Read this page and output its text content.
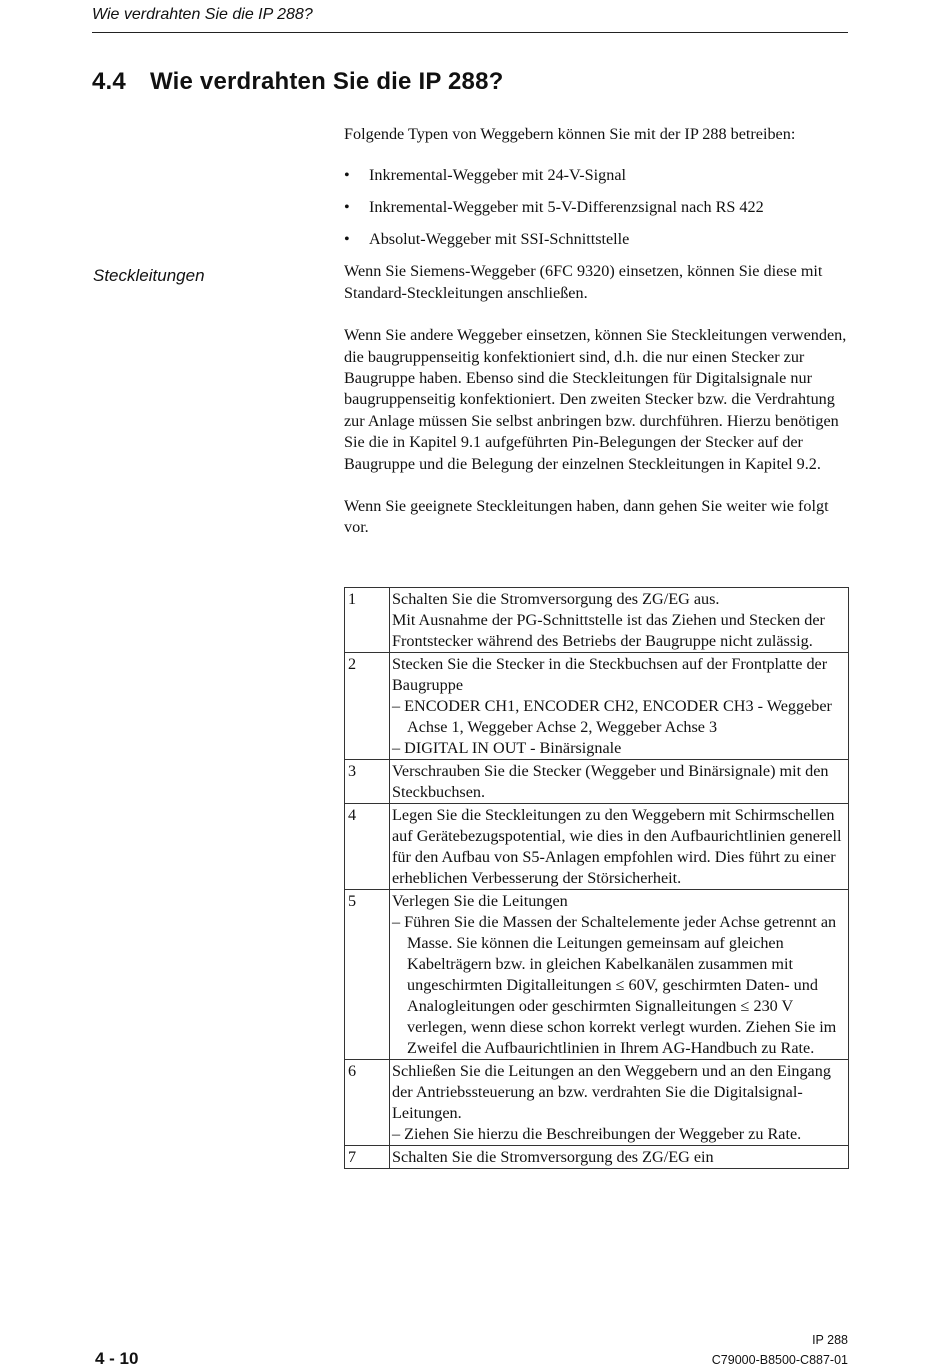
Wie verdrahten Sie die IP 288?
4.4 Wie verdrahten Sie die IP 288?
Steckleitungen

Folgende Typen von Weggebern können Sie mit der IP 288 betreiben:

• Inkremental-Weggeber mit 24-V-Signal
• Inkremental-Weggeber mit 5-V-Differenzsignal nach RS 422
• Absolut-Weggeber mit SSI-Schnittstelle

Wenn Sie Siemens-Weggeber (6FC 9320) einsetzen, können Sie diese mit Standard-Steckleitungen anschließen.

Wenn Sie andere Weggeber einsetzen, können Sie Steckleitungen verwenden, die baugruppenseitig konfektioniert sind, d.h. die nur einen Stecker zur Baugruppe haben. Ebenso sind die Steckleitungen für Digitalsignale nur baugruppenseitig konfektioniert. Den zweiten Stecker bzw. die Verdrahtung zur Anlage müssen Sie selbst anbringen bzw. durchführen. Hierzu benötigen Sie die in Kapitel 9.1 aufgeführten Pin-Belegungen der Stecker auf der Baugruppe und die Belegung der einzelnen Steckleitungen in Kapitel 9.2.

Wenn Sie geeignete Steckleitungen haben, dann gehen Sie weiter wie folgt vor.

1	Schalten Sie die Stromversorgung des ZG/EG aus.
Mit Ausnahme der PG-Schnittstelle ist das Ziehen und Stecken der Frontstecker während des Betriebs der Baugruppe nicht zulässig.

2	Stecken Sie die Stecker in die Steckbuchsen auf der Frontplatte der Baugruppe
– ENCODER CH1, ENCODER CH2, ENCODER CH3 - Weggeber Achse 1, Weggeber Achse 2, Weggeber Achse 3
– DIGITAL IN OUT - Binärsignale

3	Verschrauben Sie die Stecker (Weggeber und Binärsignale) mit den Steckbuchsen.

4	Legen Sie die Steckleitungen zu den Weggebern mit Schirmschellen auf Gerätebezugspotential, wie dies in den Aufbaurichtlinien generell für den Aufbau von S5-Anlagen empfohlen wird. Dies führt zu einer erheblichen Verbesserung der Störsicherheit.

5	Verlegen Sie die Leitungen
– Führen Sie die Massen der Schaltelemente jeder Achse getrennt an Masse. Sie können die Leitungen gemeinsam auf gleichen Kabelträgern bzw. in gleichen Kabelkanälen zusammen mit ungeschirmten Digitalleitungen ≤ 60V, geschirmten Daten- und Analogleitungen oder geschirmten Signalleitungen ≤ 230 V verlegen, wenn diese schon korrekt verlegt wurden. Ziehen Sie im Zweifel die Aufbaurichtlinien in Ihrem AG-Handbuch zu Rate.

6	Schließen Sie die Leitungen an den Weggebern und an den Eingang der Antriebssteuerung an bzw. verdrahten Sie die Digitalsignal-Leitungen.
– Ziehen Sie hierzu die Beschreibungen der Weggeber zu Rate.

7	Schalten Sie die Stromversorgung des ZG/EG ein
4 - 10
IP 288
C79000-B8500-C887-01
